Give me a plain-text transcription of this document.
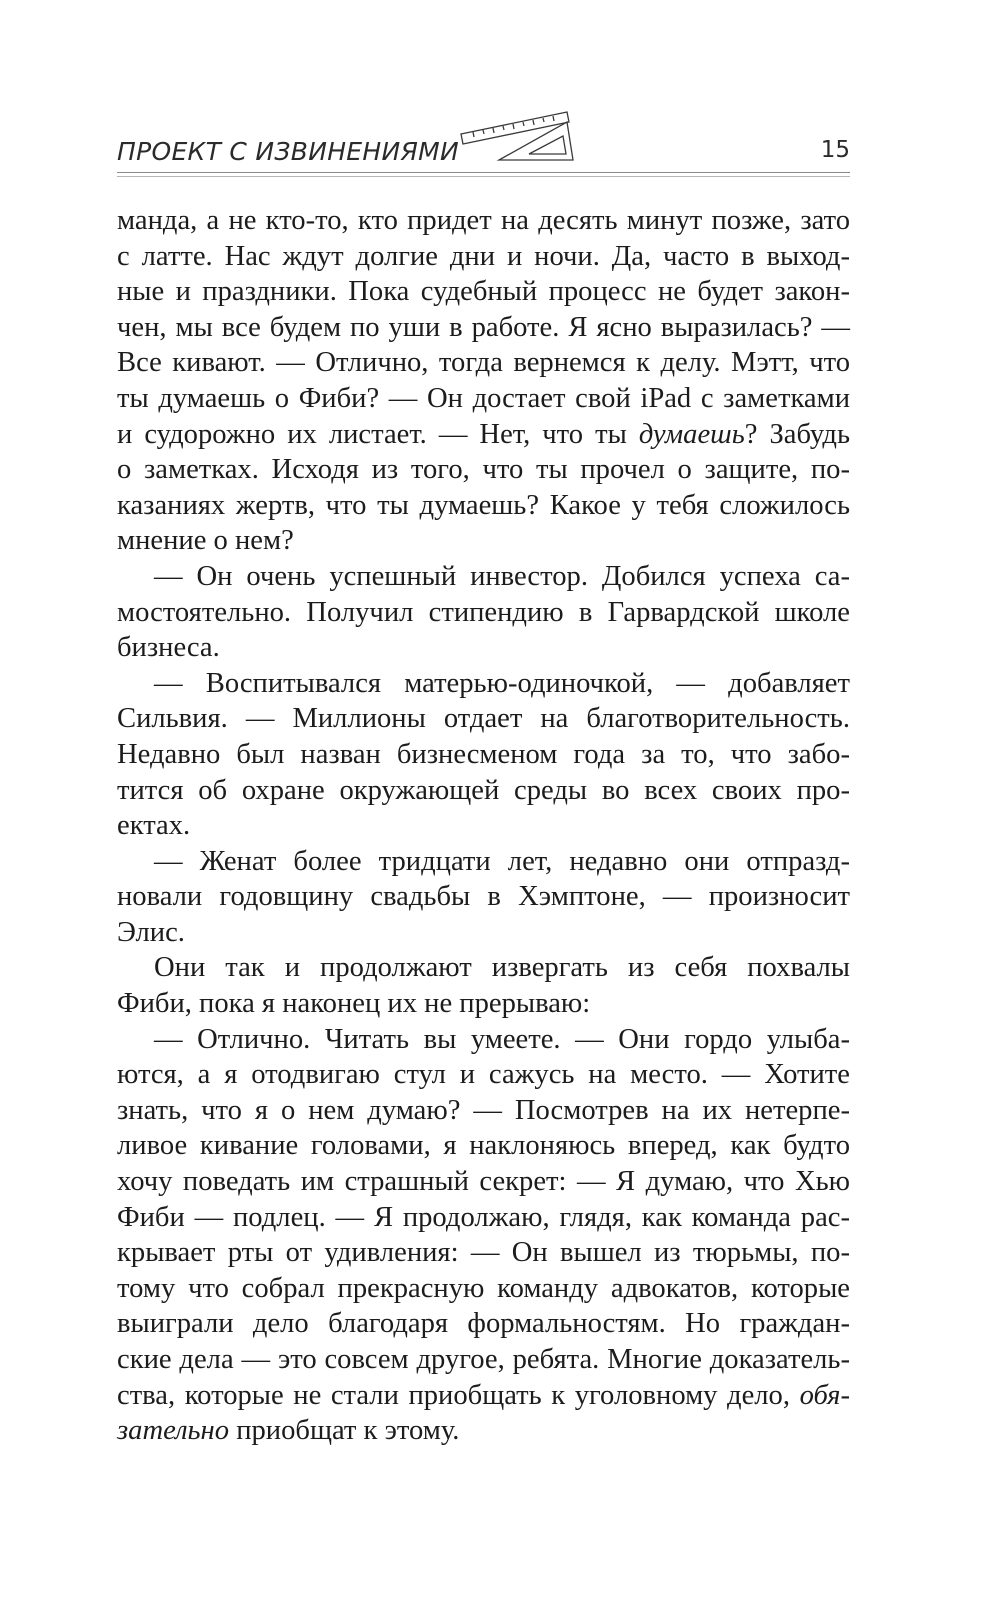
ПРОЕКТ С ИЗВИНЕНИЯМИ	15
манда, а не кто-то, кто придет на десять минут позже, зато
с латте. Нас ждут долгие дни и ночи. Да, часто в выход-
ные и праздники. Пока судебный процесс не будет закон-
чен, мы все будем по уши в работе. Я ясно выразилась? —
Все кивают. — Отлично, тогда вернемся к делу. Мэтт, что
ты думаешь о Фиби? — Он достает свой iPad с заметками
и судорожно их листает. — Нет, что ты думаешь? Забудь
о заметках. Исходя из того, что ты прочел о защите, по-
казаниях жертв, что ты думаешь? Какое у тебя сложилось
мнение о нем?
— Он очень успешный инвестор. Добился успеха са-
мостоятельно. Получил стипендию в Гарвардской школе
бизнеса.
— Воспитывался матерью-одиночкой, — добавляет
Сильвия. — Миллионы отдает на благотворительность.
Недавно был назван бизнесменом года за то, что забо-
тится об охране окружающей среды во всех своих про-
ектах.
— Женат более тридцати лет, недавно они отпразд-
новали годовщину свадьбы в Хэмптоне, — произносит
Элис.
Они так и продолжают извергать из себя похвалы
Фиби, пока я наконец их не прерываю:
— Отлично. Читать вы умеете. — Они гордо улыба-
ются, а я отодвигаю стул и сажусь на место. — Хотите
знать, что я о нем думаю? — Посмотрев на их нетерпе-
ливое кивание головами, я наклоняюсь вперед, как будто
хочу поведать им страшный секрет: — Я думаю, что Хью
Фиби — подлец. — Я продолжаю, глядя, как команда рас-
крывает рты от удивления: — Он вышел из тюрьмы, по-
тому что собрал прекрасную команду адвокатов, которые
выиграли дело благодаря формальностям. Но граждан-
ские дела — это совсем другое, ребята. Многие доказатель-
ства, которые не стали приобщать к уголовному дело, обя-
зательно приобщат к этому.
